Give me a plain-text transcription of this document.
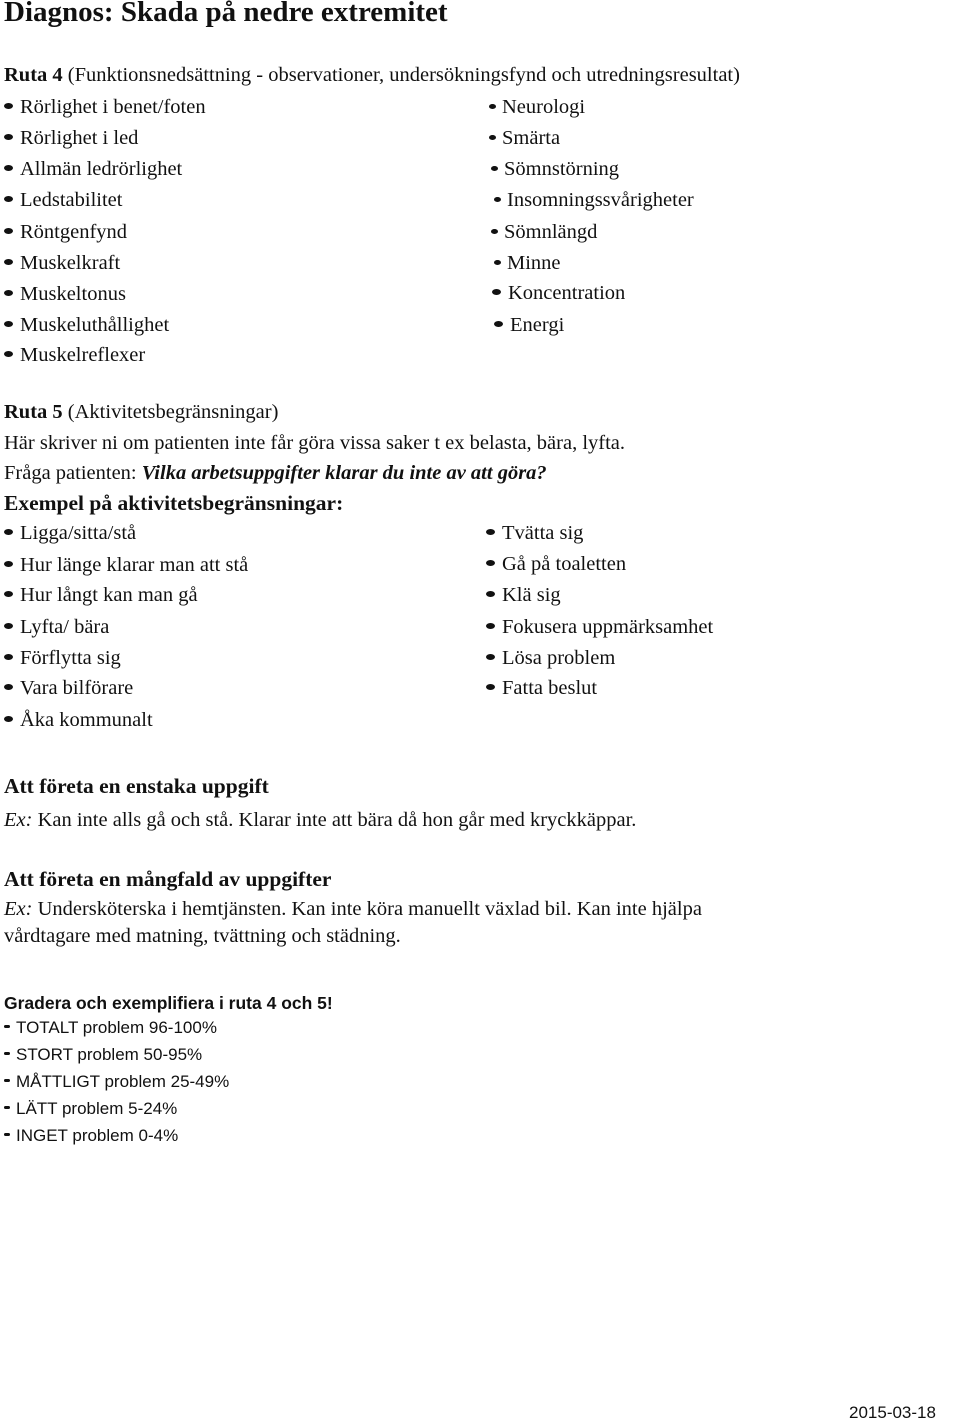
Diagnos: Skada på nedre extremitet
Ruta 4 (Funktionsnedsättning - observationer, undersökningsfynd och utredningsresultat)
Rörlighet i benet/foten
Rörlighet i led
Allmän ledrörlighet
Ledstabilitet
Röntgenfynd
Muskelkraft
Muskeltonus
Muskeluthållighet
Muskelreflexer
Neurologi
Smärta
Sömnstörning
Insomningssvårigheter
Sömnlängd
Minne
Koncentration
Energi
Ruta 5 (Aktivitetsbegränsningar)
Här skriver ni om patienten inte får göra vissa saker t ex belasta, bära, lyfta.
Fråga patienten: Vilka arbetsuppgifter klarar du inte av att göra?
Exempel på aktivitetsbegränsningar:
Ligga/sitta/stå
Hur länge klarar man att stå
Hur långt kan man gå
Lyfta/ bära
Förflytta sig
Vara bilförare
Åka kommunalt
Tvätta sig
Gå på toaletten
Klä sig
Fokusera uppmärksamhet
Lösa problem
Fatta beslut
Att företa en enstaka uppgift
Ex: Kan inte alls gå och stå. Klarar inte att bära då hon går med kryckkäppar.
Att företa en mångfald av uppgifter
Ex: Undersköterska i hemtjänsten. Kan inte köra manuellt växlad bil. Kan inte hjälpa
vårdtagare med matning, tvättning och städning.
Gradera och exemplifiera i ruta 4 och 5!
TOTALT problem 96-100%
STORT problem 50-95%
MÅTTLIGT problem 25-49%
LÄTT problem 5-24%
INGET problem 0-4%
2015-03-18
